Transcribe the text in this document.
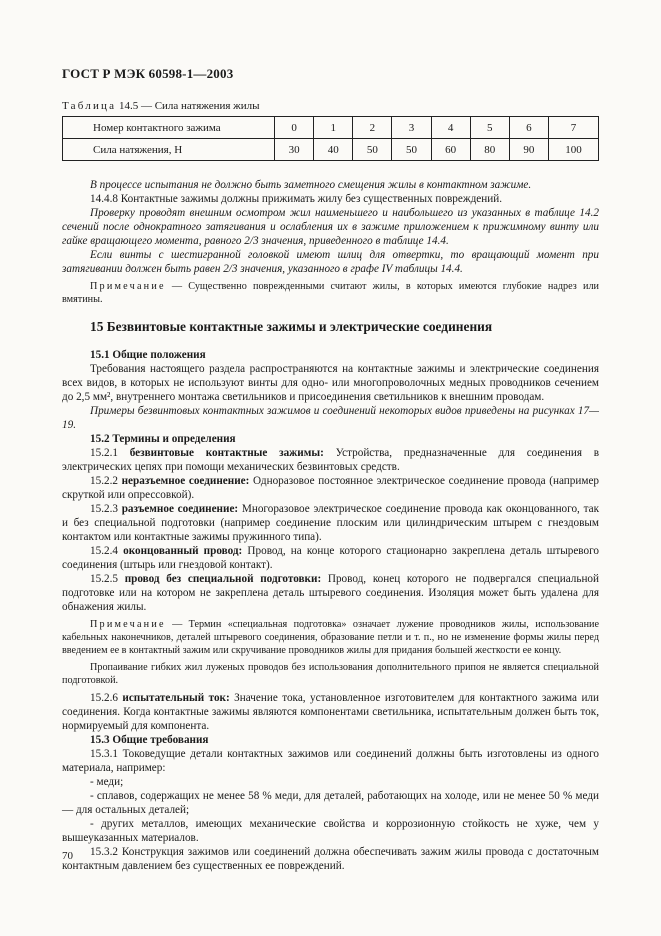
ГОСТ Р МЭК 60598-1—2003
Таблица 14.5 — Сила натяжения жилы
Номер контактного зажима	0	1	2	3	4	5	6	7
Сила натяжения, Н	30	40	50	50	60	80	90	100

В процессе испытания не должно быть заметного смещения жилы в контактном зажиме.

14.4.8 Контактные зажимы должны прижимать жилу без существенных повреждений.

Проверку проводят внешним осмотром жил наименьшего и наибольшего из указанных в таблице 14.2 сечений после однократного затягивания и ослабления их в зажиме приложением к прижимному винту или гайке вращающего момента, равного 2/3 значения, приведенного в таблице 14.4.

Если винты с шестигранной головкой имеют шлиц для отвертки, то вращающий момент при затягивании должен быть равен 2/3 значения, указанного в графе IV таблицы 14.4.

Примечание — Существенно поврежденными считают жилы, в которых имеются глубокие надрез или вмятины.

15 Безвинтовые контактные зажимы и электрические соединения

15.1 Общие положения

Требования настоящего раздела распространяются на контактные зажимы и электрические соединения всех видов, в которых не используют винты для одно- или многопроволочных медных проводников сечением до 2,5 мм², внутреннего монтажа светильников и присоединения светильников к внешним проводам.

Примеры безвинтовых контактных зажимов и соединений некоторых видов приведены на рисунках 17—19.

15.2 Термины и определения

15.2.1 безвинтовые контактные зажимы: Устройства, предназначенные для соединения в электрических цепях при помощи механических безвинтовых средств.

15.2.2 неразъемное соединение: Одноразовое постоянное электрическое соединение провода (например скруткой или опрессовкой).

15.2.3 разъемное соединение: Многоразовое электрическое соединение провода как оконцованного, так и без специальной подготовки (например соединение плоским или цилиндрическим штырем с гнездовым контактом или контактные зажимы пружинного типа).

15.2.4 оконцованный провод: Провод, на конце которого стационарно закреплена деталь штыревого соединения (штырь или гнездовой контакт).

15.2.5 провод без специальной подготовки: Провод, конец которого не подвергался специальной подготовке или на котором не закреплена деталь штыревого соединения. Изоляция может быть удалена для обнажения жилы.

Примечание — Термин «специальная подготовка» означает лужение проводников жилы, использование кабельных наконечников, деталей штыревого соединения, образование петли и т. п., но не изменение формы жилы перед введением ее в контактный зажим или скручивание проводников жилы для придания большей жесткости ее концу.

Пропаивание гибких жил луженых проводов без использования дополнительного припоя не является специальной подготовкой.

15.2.6 испытательный ток: Значение тока, установленное изготовителем для контактного зажима или соединения. Когда контактные зажимы являются компонентами светильника, испытательным должен быть ток, нормируемый для компонента.

15.3 Общие требования

15.3.1 Токоведущие детали контактных зажимов или соединений должны быть изготовлены из одного материала, например:

- меди;

- сплавов, содержащих не менее 58 % меди, для деталей, работающих на холоде, или не менее 50 % меди — для остальных деталей;

- других металлов, имеющих механические свойства и коррозионную стойкость не хуже, чем у вышеуказанных материалов.

15.3.2 Конструкция зажимов или соединений должна обеспечивать зажим жилы провода с достаточным контактным давлением без существенных ее повреждений.

70
